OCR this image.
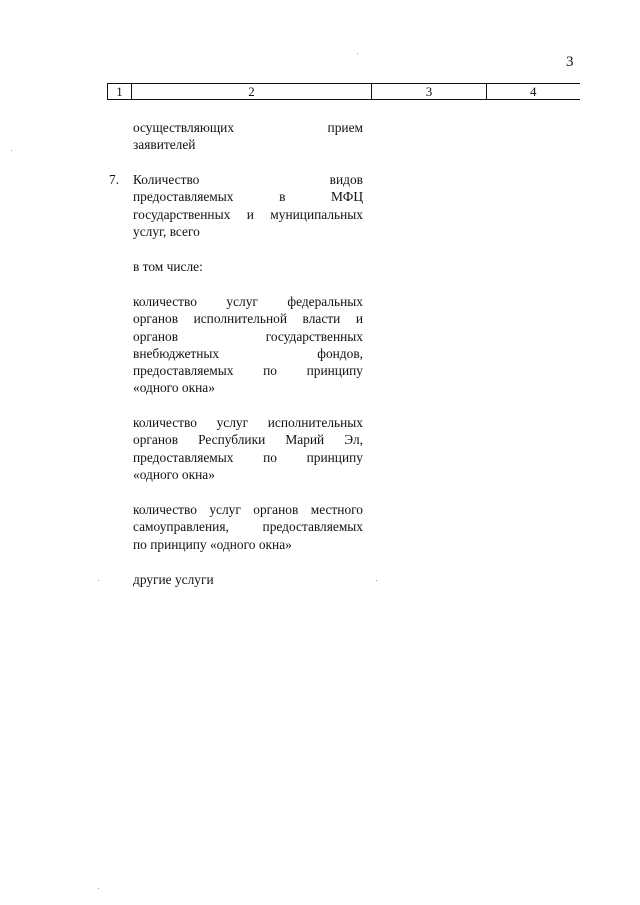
3
1	2	3	4
осуществляющих прием
заявителей
7. Количество видов
предоставляемых в МФЦ
государственных и муниципальных
услуг, всего
в том числе:
количество услуг федеральных
органов исполнительной власти и
органов государственных
внебюджетных фондов,
предоставляемых по принципу
«одного окна»
количество услуг исполнительных
органов Республики Марий Эл,
предоставляемых по принципу
«одного окна»
количество услуг органов местного
самоуправления, предоставляемых
по принципу «одного окна»
другие услуги
